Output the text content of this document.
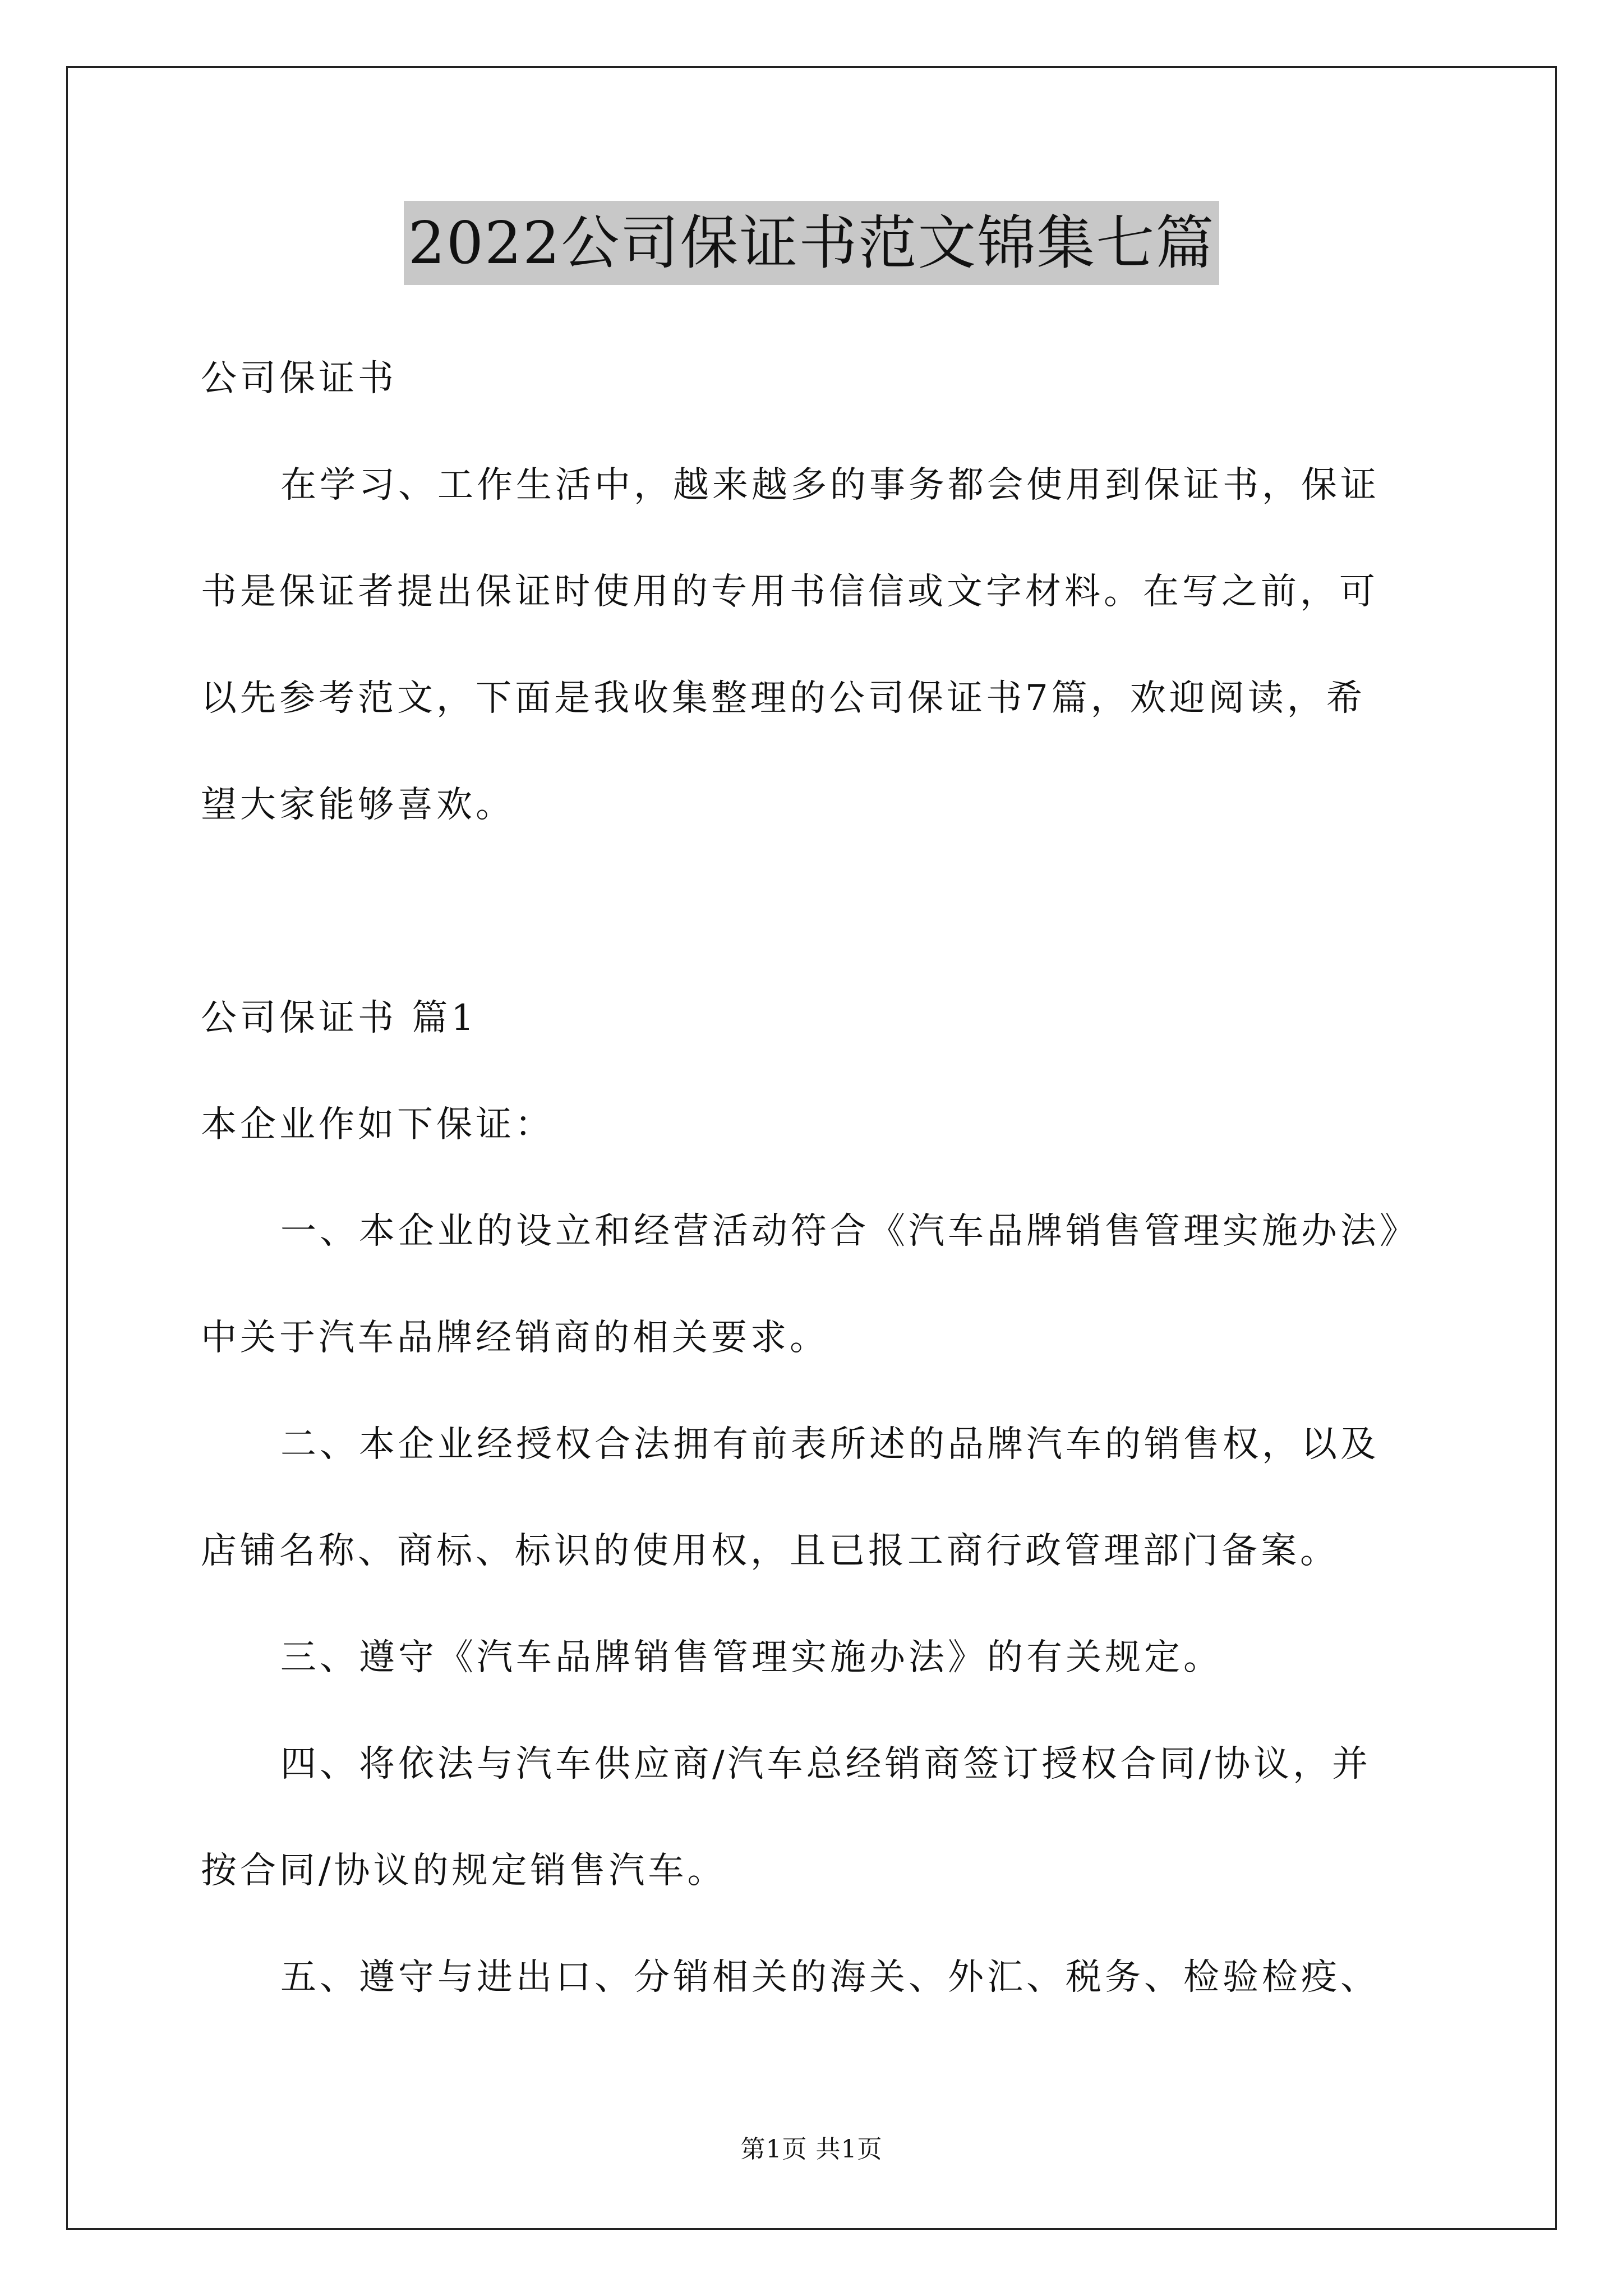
2022公司保证书范文锦集七篇
公司保证书
在学习、工作生活中，越来越多的事务都会使用到保证书，保证
书是保证者提出保证时使用的专用书信信或文字材料。在写之前，可
以先参考范文，下面是我收集整理的公司保证书7篇，欢迎阅读，希
望大家能够喜欢。
公司保证书 篇1
本企业作如下保证：
一、本企业的设立和经营活动符合《汽车品牌销售管理实施办法》
中关于汽车品牌经销商的相关要求。
二、本企业经授权合法拥有前表所述的品牌汽车的销售权，以及
店铺名称、商标、标识的使用权，且已报工商行政管理部门备案。
三、遵守《汽车品牌销售管理实施办法》的有关规定。
四、将依法与汽车供应商/汽车总经销商签订授权合同/协议，并
按合同/协议的规定销售汽车。
五、遵守与进出口、分销相关的海关、外汇、税务、检验检疫、
第1页 共1页
